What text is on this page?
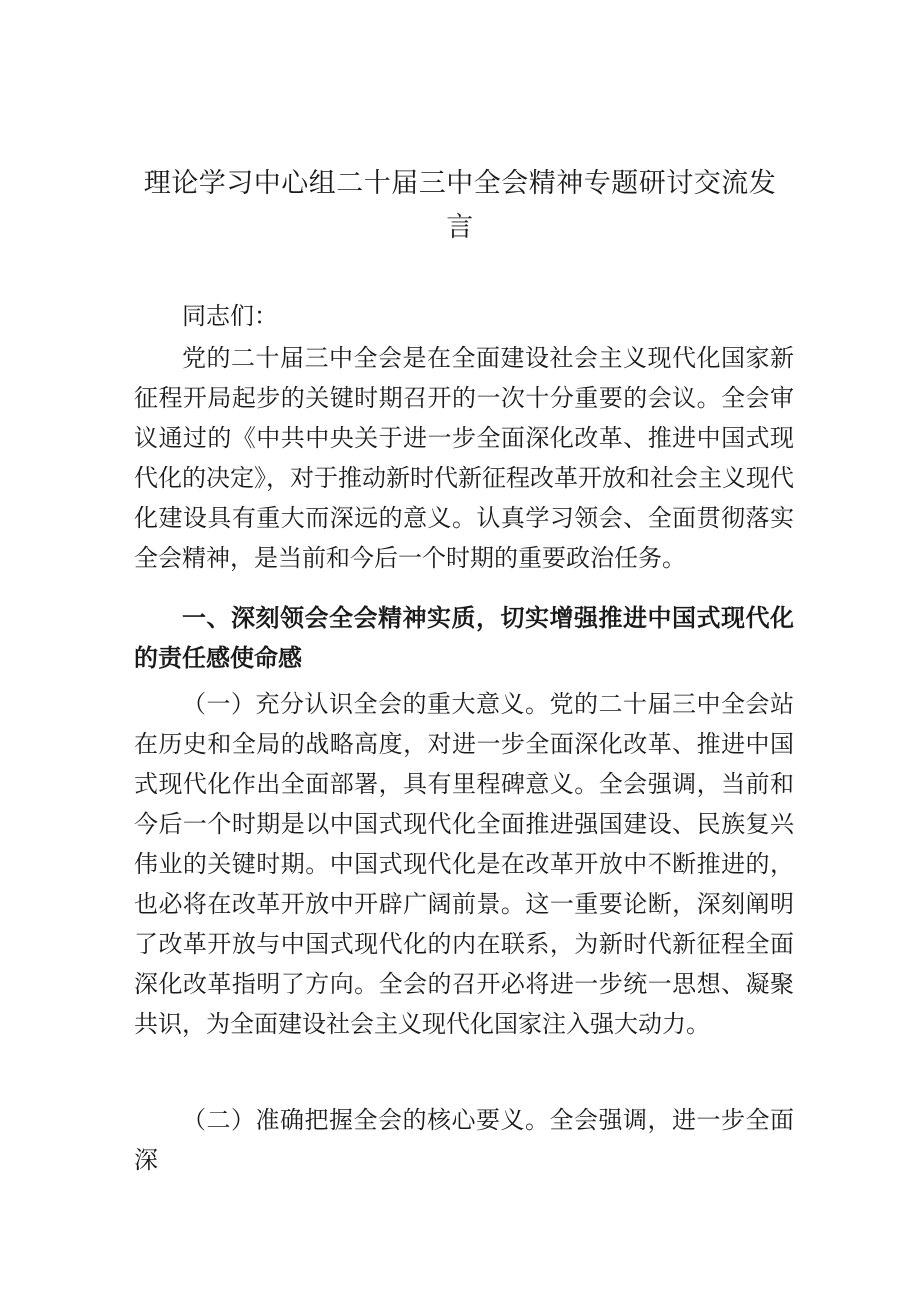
理论学习中心组二十届三中全会精神专题研讨交流发
言

同志们：

党的二十届三中全会是在全面建设社会主义现代化国家新征程开局起步的关键时期召开的一次十分重要的会议。全会审议通过的《中共中央关于进一步全面深化改革、推进中国式现代化的决定》，对于推动新时代新征程改革开放和社会主义现代化建设具有重大而深远的意义。认真学习领会、全面贯彻落实全会精神，是当前和今后一个时期的重要政治任务。

一、深刻领会全会精神实质，切实增强推进中国式现代化的责任感使命感

（一）充分认识全会的重大意义。党的二十届三中全会站在历史和全局的战略高度，对进一步全面深化改革、推进中国式现代化作出全面部署，具有里程碑意义。全会强调，当前和今后一个时期是以中国式现代化全面推进强国建设、民族复兴伟业的关键时期。中国式现代化是在改革开放中不断推进的，也必将在改革开放中开辟广阔前景。这一重要论断，深刻阐明了改革开放与中国式现代化的内在联系，为新时代新征程全面深化改革指明了方向。全会的召开必将进一步统一思想、凝聚共识，为全面建设社会主义现代化国家注入强大动力。

（二）准确把握全会的核心要义。全会强调，进一步全面深
